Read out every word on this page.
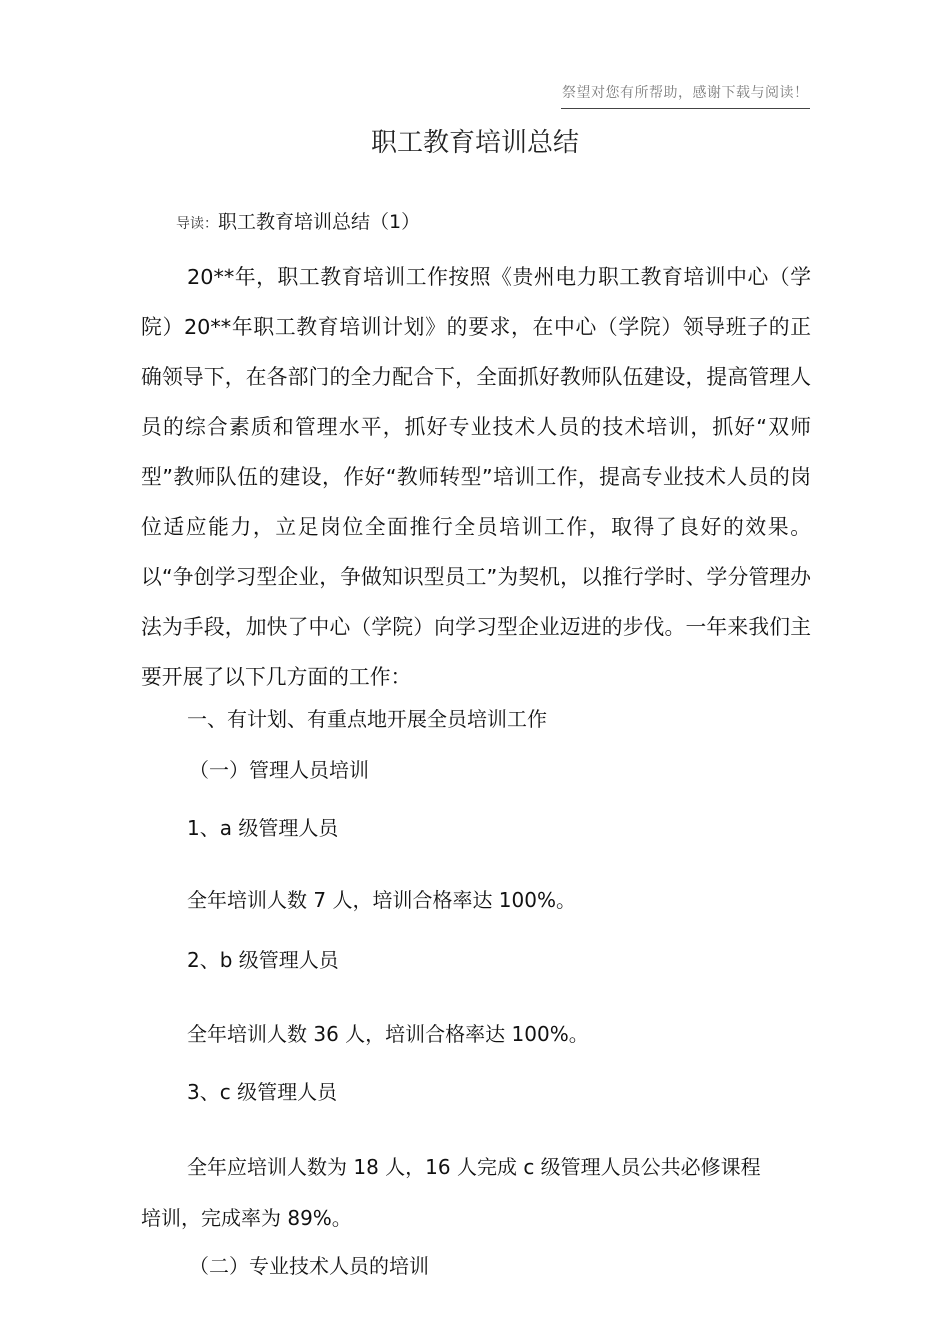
祭望对您有所帮助，感谢下载与阅读！
职工教育培训总结
导读：职工教育培训总结（1）

20**年，职工教育培训工作按照《贵州电力职工教育培训中心（学院）20**年职工教育培训计划》的要求，在中心（学院）领导班子的正确领导下，在各部门的全力配合下，全面抓好教师队伍建设，提高管理人员的综合素质和管理水平，抓好专业技术人员的技术培训，抓好“双师型”教师队伍的建设，作好“教师转型”培训工作，提高专业技术人员的岗位适应能力，立足岗位全面推行全员培训工作，取得了良好的效果。以“争创学习型企业，争做知识型员工”为契机，以推行学时、学分管理办法为手段，加快了中心（学院）向学习型企业迈进的步伐。一年来我们主要开展了以下几方面的工作：

一、有计划、有重点地开展全员培训工作
（一）管理人员培训
1、a 级管理人员
全年培训人数 7 人，培训合格率达 100%。
2、b 级管理人员
全年培训人数 36 人，培训合格率达 100%。
3、c 级管理人员
全年应培训人数为 18 人，16 人完成 c 级管理人员公共必修课程
培训，完成率为 89%。
（二）专业技术人员的培训
